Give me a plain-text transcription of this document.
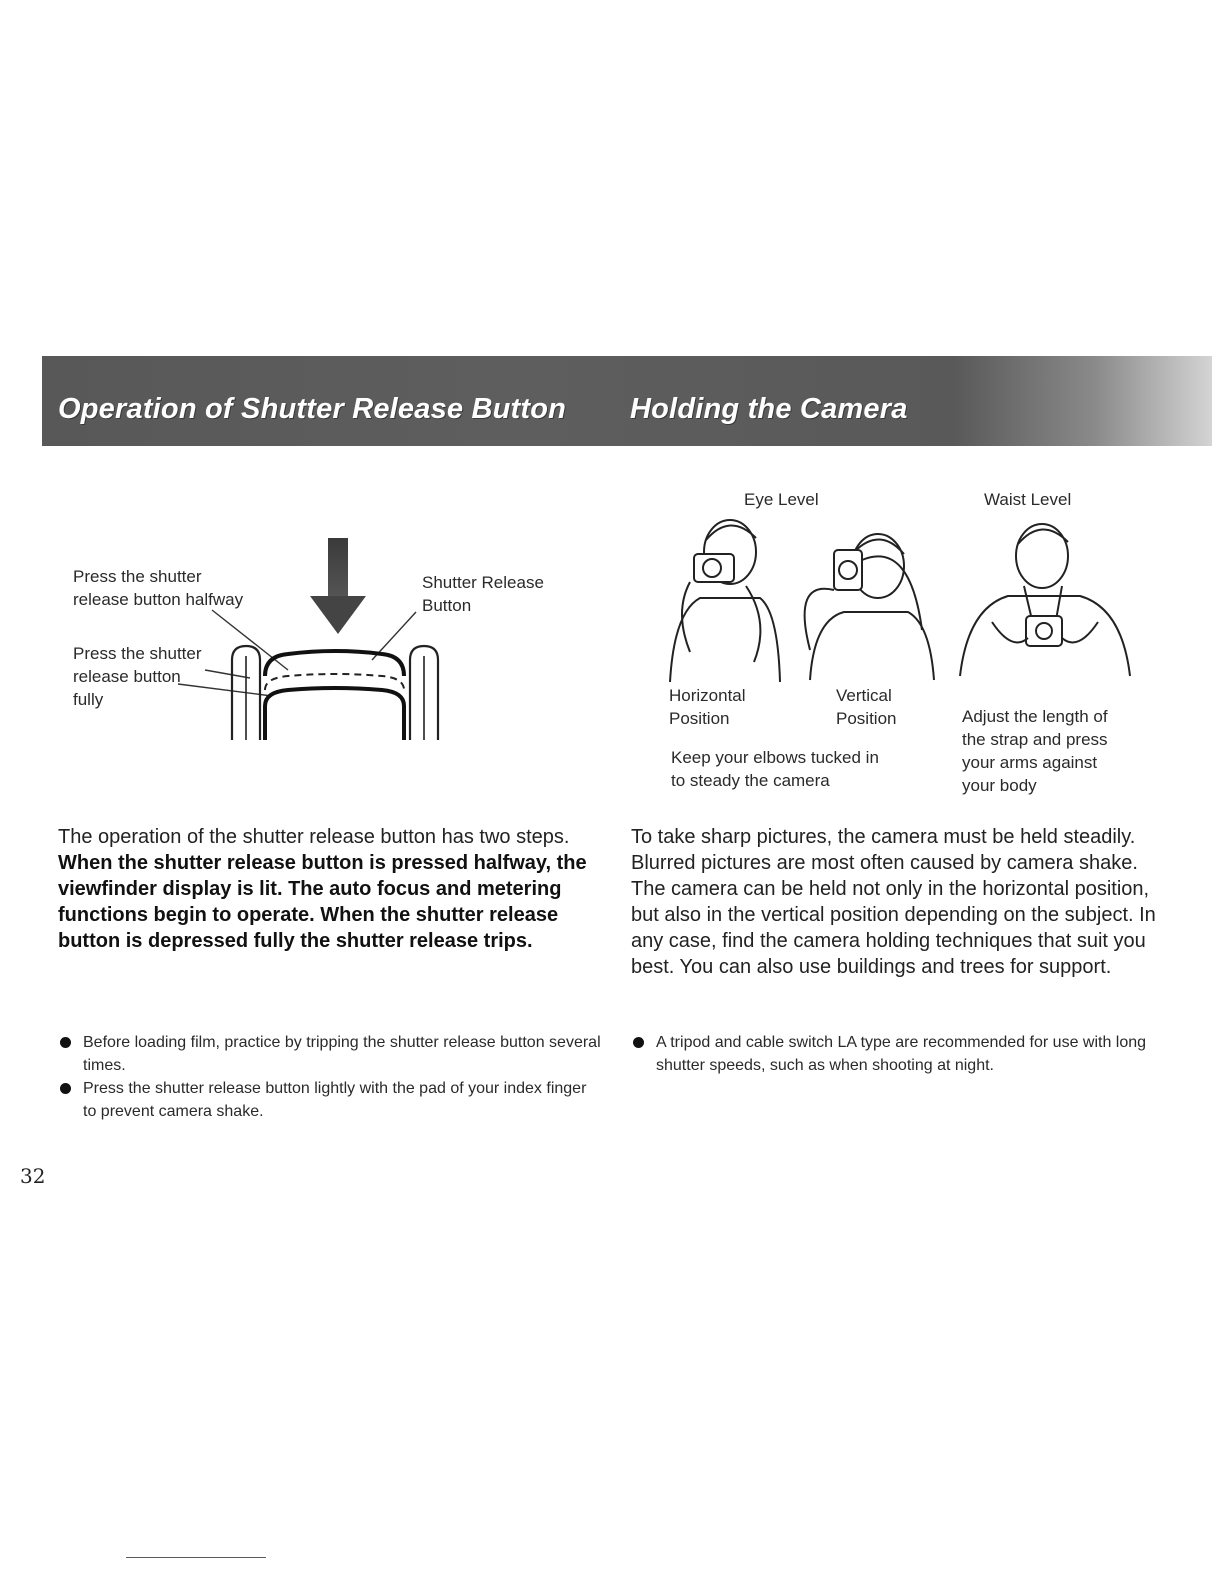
Operation of Shutter Release Button Holding the Camera
Press the shutter
release button halfway
Press the shutter
release button
fully
Shutter Release
Button
Eye Level	Waist Level
Horizontal
Position
Vertical
Position
Keep your elbows tucked in
to steady the camera
Adjust the length of
the strap and press
your arms against
your body
The operation of the shutter release button has two steps.
When the shutter release button is pressed halfway, the viewfinder display is lit. The auto focus and metering functions begin to operate. When the shutter release button is depressed fully the shutter release trips.
Before loading film, practice by tripping the shutter release button several times.
Press the shutter release button lightly with the pad of your index finger to prevent camera shake.
To take sharp pictures, the camera must be held steadily. Blurred pictures are most often caused by camera shake. The camera can be held not only in the horizontal position, but also in the vertical position depending on the subject. In any case, find the camera holding techniques that suit you best. You can also use buildings and trees for support.
A tripod and cable switch LA type are recommended for use with long shutter speeds, such as when shooting at night.
32
